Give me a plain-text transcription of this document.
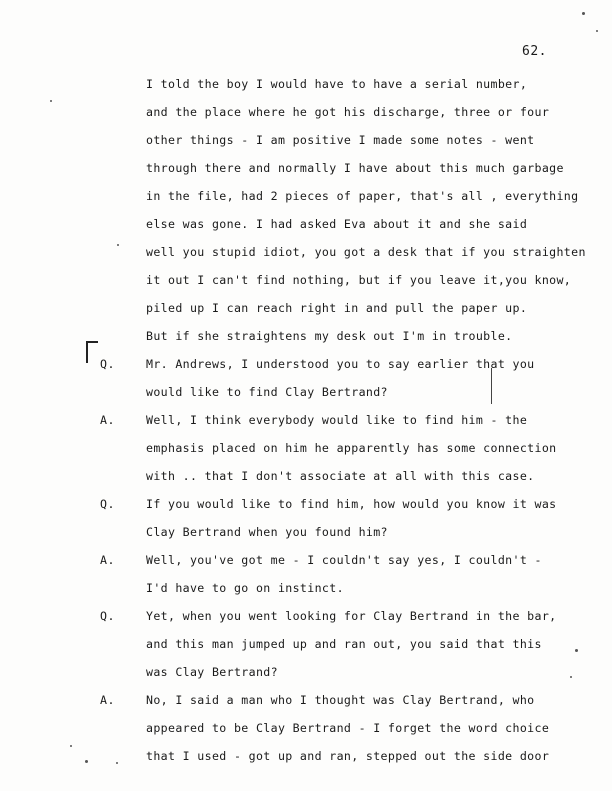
62.
Q.
A.
Q.
A.
Q.
A.
I told the boy I would have to have a serial number,
and the place where he got his discharge, three or four
other things - I am positive I made some notes - went
through there and normally I have about this much garbage
in the file, had 2 pieces of paper, that's all , everything
else was gone. I had asked Eva about it and she said
well you stupid idiot, you got a desk that if you straighten
it out I can't find nothing, but if you leave it,you know,
piled up I can reach right in and pull the paper up.
But if she straightens my desk out I'm in trouble.
Mr. Andrews, I understood you to say earlier that you
would like to find Clay Bertrand?
Well, I think everybody would like to find him - the
emphasis placed on him he apparently has some connection
with .. that I don't associate at all with this case.
If you would like to find him, how would you know it was
Clay Bertrand when you found him?
Well, you've got me - I couldn't say yes, I couldn't -
I'd have to go on instinct.
Yet, when you went looking for Clay Bertrand in the bar,
and this man jumped up and ran out, you said that this
was Clay Bertrand?
No, I said a man who I thought was Clay Bertrand, who
appeared to be Clay Bertrand - I forget the word choice
that I used - got up and ran, stepped out the side door
